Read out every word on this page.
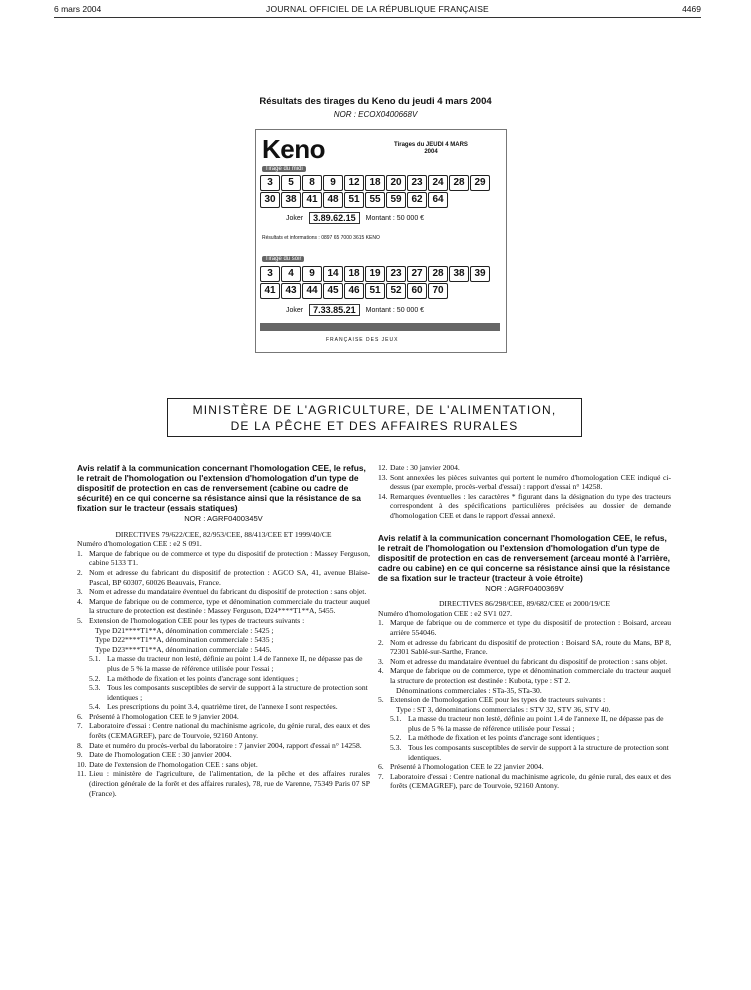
6 mars 2004	JOURNAL OFFICIEL DE LA RÉPUBLIQUE FRANÇAISE	4469
Résultats des tirages du Keno du jeudi 4 mars 2004
NOR : ECOX0400668V
Keno	Tirages du JEUDI 4 MARS 2004
Tirage du midi
3	5	8	9	12 18 20 23 24 28 29
30 38 41 48 51 55 59 62 64
Joker	3.89.62.15	Montant : 50 000 €
Résultats et informations : 0897 65 7000 3615 KENO
Tirage du soir
3	4	9	14 18 19 23 27 28 38 39
41 43 44 45 46 51 52 60 70
Joker	7.33.85.21	Montant : 50 000 €
FRANÇAISE DES JEUX
MINISTÈRE DE L'AGRICULTURE, DE L'ALIMENTATION,
DE LA PÊCHE ET DES AFFAIRES RURALES

Avis relatif à la communication concernant l'homologation CEE, le refus, le retrait de l'homologation ou l'extension d'homologation d'un type de dispositif de protection en cas de renversement (cabine ou cadre de sécurité) en ce qui concerne sa résistance ainsi que la résistance de sa fixation sur le tracteur (essais statiques)

NOR : AGRF0400345V

DIRECTIVES 79/622/CEE, 82/953/CEE, 88/413/CEE ET 1999/40/CE

Numéro d'homologation CEE : e2 S 091.

1. Marque de fabrique ou de commerce et type du dispositif de protection : Massey Ferguson, cabine 5133 T1.
2. Nom et adresse du fabricant du dispositif de protection : AGCO SA, 41, avenue Blaise-Pascal, BP 60307, 60026 Beauvais, France.
3. Nom et adresse du mandataire éventuel du fabricant du dispositif de protection : sans objet.
4. Marque de fabrique ou de commerce, type et dénomination commerciale du tracteur auquel la structure de protection est destinée : Massey Ferguson, D24****T1**A, 5455.
5. Extension de l'homologation CEE pour les types de tracteurs suivants :

Type D21****T1**A, dénomination commerciale : 5425 ;

Type D22****T1**A, dénomination commerciale : 5435 ;

Type D23****T1**A, dénomination commerciale : 5445.

5.1. La masse du tracteur non lesté, définie au point 1.4 de l'annexe II, ne dépasse pas de plus de 5 % la masse de référence utilisée pour l'essai ;
5.2. La méthode de fixation et les points d'ancrage sont identiques ;
5.3. Tous les composants susceptibles de servir de support à la structure de protection sont identiques ;
5.4. Les prescriptions du point 3.4, quatrième tiret, de l'annexe I sont respectées.
6. Présenté à l'homologation CEE le 9 janvier 2004.
7. Laboratoire d'essai : Centre national du machinisme agricole, du génie rural, des eaux et des forêts (CEMAGREF), parc de Tourvoie, 92160 Antony.
8. Date et numéro du procès-verbal du laboratoire : 7 janvier 2004, rapport d'essai n° 14258.
9. Date de l'homologation CEE : 30 janvier 2004.
10. Date de l'extension de l'homologation CEE : sans objet.
11. Lieu : ministère de l'agriculture, de l'alimentation, de la pêche et des affaires rurales (direction générale de la forêt et des affaires rurales), 78, rue de Varenne, 75349 Paris 07 SP (France).
12. Date : 30 janvier 2004.
13. Sont annexées les pièces suivantes qui portent le numéro d'homologation CEE indiqué ci-dessus (par exemple, procès-verbal d'essai) : rapport d'essai n° 14258.
14. Remarques éventuelles : les caractères * figurant dans la désignation du type des tracteurs correspondent à des spécifications particulières précisées au dossier de demande d'homologation CEE et dans le rapport d'essai annexé.

Avis relatif à la communication concernant l'homologation CEE, le refus, le retrait de l'homologation ou l'extension d'homologation d'un type de dispositif de protection en cas de renversement (arceau monté à l'arrière, cadre ou cabine) en ce qui concerne sa résistance ainsi que la résistance de sa fixation sur le tracteur (tracteur à voie étroite)

NOR : AGRF0400369V

DIRECTIVES 86/298/CEE, 89/682/CEE et 2000/19/CE

Numéro d'homologation CEE : e2 SV1 027.

1. Marque de fabrique ou de commerce et type du dispositif de protection : Boisard, arceau arrière 554046.
2. Nom et adresse du fabricant du dispositif de protection : Boisard SA, route du Mans, BP 8, 72301 Sablé-sur-Sarthe, France.
3. Nom et adresse du mandataire éventuel du fabricant du dispositif de protection : sans objet.
4. Marque de fabrique ou de commerce, type et dénomination commerciale du tracteur auquel la structure de protection est destinée : Kubota, type : ST 2.

Dénominations commerciales : STa-35, STa-30.

5. Extension de l'homologation CEE pour les types de tracteurs suivants :

Type : ST 3, dénominations commerciales : STV 32, STV 36, STV 40.

5.1. La masse du tracteur non lesté, définie au point 1.4 de l'annexe II, ne dépasse pas de plus de 5 % la masse de référence utilisée pour l'essai ;
5.2. La méthode de fixation et les points d'ancrage sont identiques ;
5.3. Tous les composants susceptibles de servir de support à la structure de protection sont identiques.
6. Présenté à l'homologation CEE le 22 janvier 2004.
7. Laboratoire d'essai : Centre national du machinisme agricole, du génie rural, des eaux et des forêts (CEMAGREF), parc de Tourvoie, 92160 Antony.
